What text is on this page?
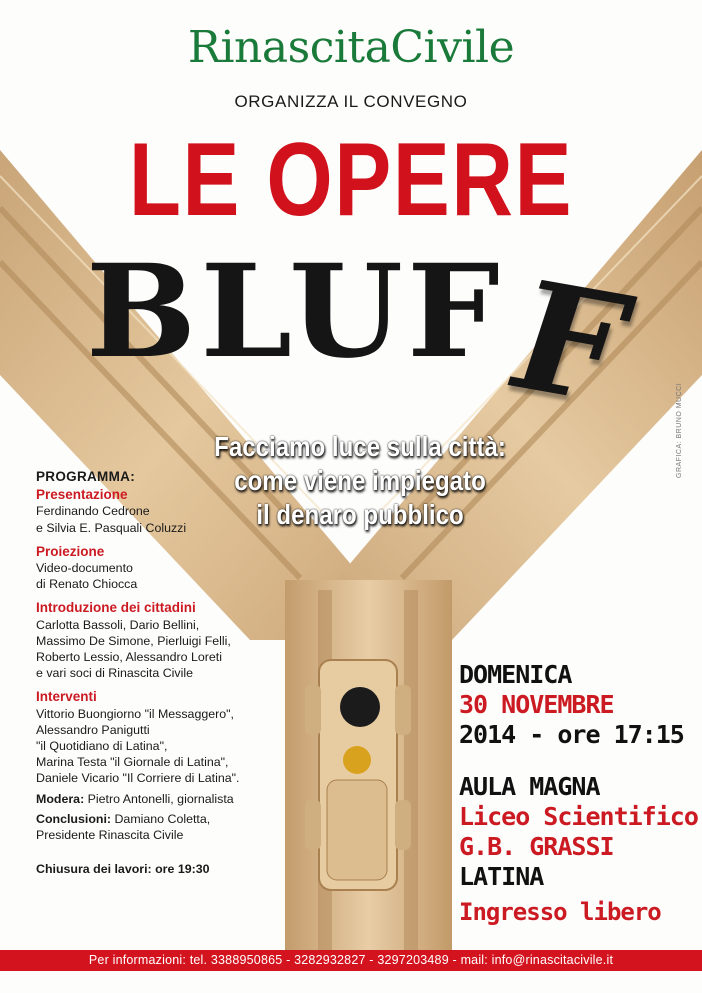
RinascitaCivile
ORGANIZZA IL CONVEGNO
LE OPERE
BLUF
F
Facciamo luce sulla città:
come viene impiegato
il denaro pubblico
PROGRAMMA:
Presentazione
Ferdinando Cedrone
e Silvia E. Pasquali Coluzzi
Proiezione
Video-documento
di Renato Chiocca
Introduzione dei cittadini
Carlotta Bassoli, Dario Bellini,
Massimo De Simone, Pierluigi Felli,
Roberto Lessio, Alessandro Loreti
e vari soci di Rinascita Civile
Interventi
Vittorio Buongiorno "il Messaggero",
Alessandro Panigutti
"il Quotidiano di Latina",
Marina Testa "il Giornale di Latina",
Daniele Vicario "Il Corriere di Latina".
Modera: Pietro Antonelli, giornalista
Conclusioni: Damiano Coletta,
Presidente Rinascita Civile
Chiusura dei lavori: ore 19:30
DOMENICA
30 NOVEMBRE
2014 - ore 17:15
AULA MAGNA
Liceo Scientifico
G.B. GRASSI
LATINA
Ingresso libero
GRAFICA: BRUNO MUCCI
Per informazioni: tel. 3388950865 - 3282932827 - 3297203489 - mail: info@rinascitacivile.it
